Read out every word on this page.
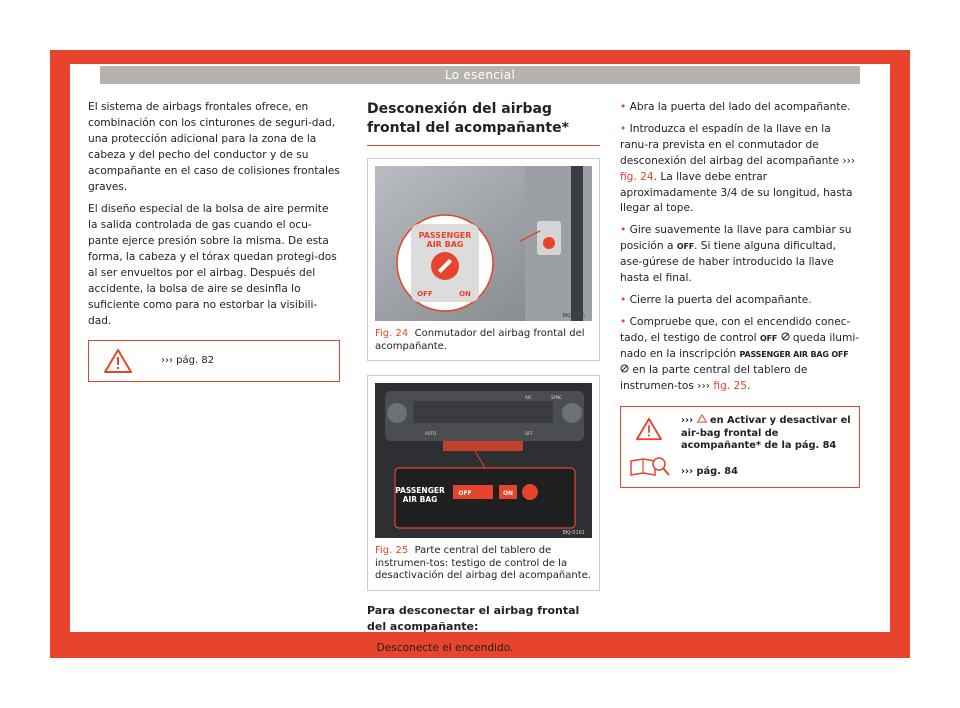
Lo esencial

El sistema de airbags frontales ofrece, en combinación con los cinturones de seguri-dad, una protección adicional para la zona de la cabeza y del pecho del conductor y de su acompañante en el caso de colisiones frontales graves.

El diseño especial de la bolsa de aire permite la salida controlada de gas cuando el ocu-pante ejerce presión sobre la misma. De esta forma, la cabeza y el tórax quedan protegi-dos al ser envueltos por el airbag. Después del accidente, la bolsa de aire se desinfla lo suficiente como para no estorbar la visibili-dad.

››› pág. 82
Desconexión del airbag frontal del acompañante*
PASSENGER
AIR BAG
OFF	ON
BKJ-0166
Fig. 24 Conmutador del airbag frontal del acompañante.
AUTO	OFF
A/C	SYNC
PASSENGER
AIR BAG
OFF	ON
BKJ-0161
Fig. 25 Parte central del tablero de instrumen-tos: testigo de control de la desactivación del airbag del acompañante.
Para desconectar el airbag frontal del acompañante:
• Desconecte el encendido.
• Abra la puerta del lado del acompañante.
• Introduzca el espadín de la llave en la ranu-ra prevista en el conmutador de desconexión del airbag del acompañante ››› fig. 24. La llave debe entrar aproximadamente 3/4 de su longitud, hasta llegar al tope.
• Gire suavemente la llave para cambiar su posición a OFF. Si tiene alguna dificultad, ase-gúrese de haber introducido la llave hasta el final.
• Cierre la puerta del acompañante.
• Compruebe que, con el encendido conec-tado, el testigo de control OFF queda ilumi-nado en la inscripción PASSENGER AIR BAG OFF  en la parte central del tablero de instrumen-tos ››› fig. 25.
››› en Activar y desactivar el air-bag frontal de acompañante* de la pág. 84
››› pág. 84
23
